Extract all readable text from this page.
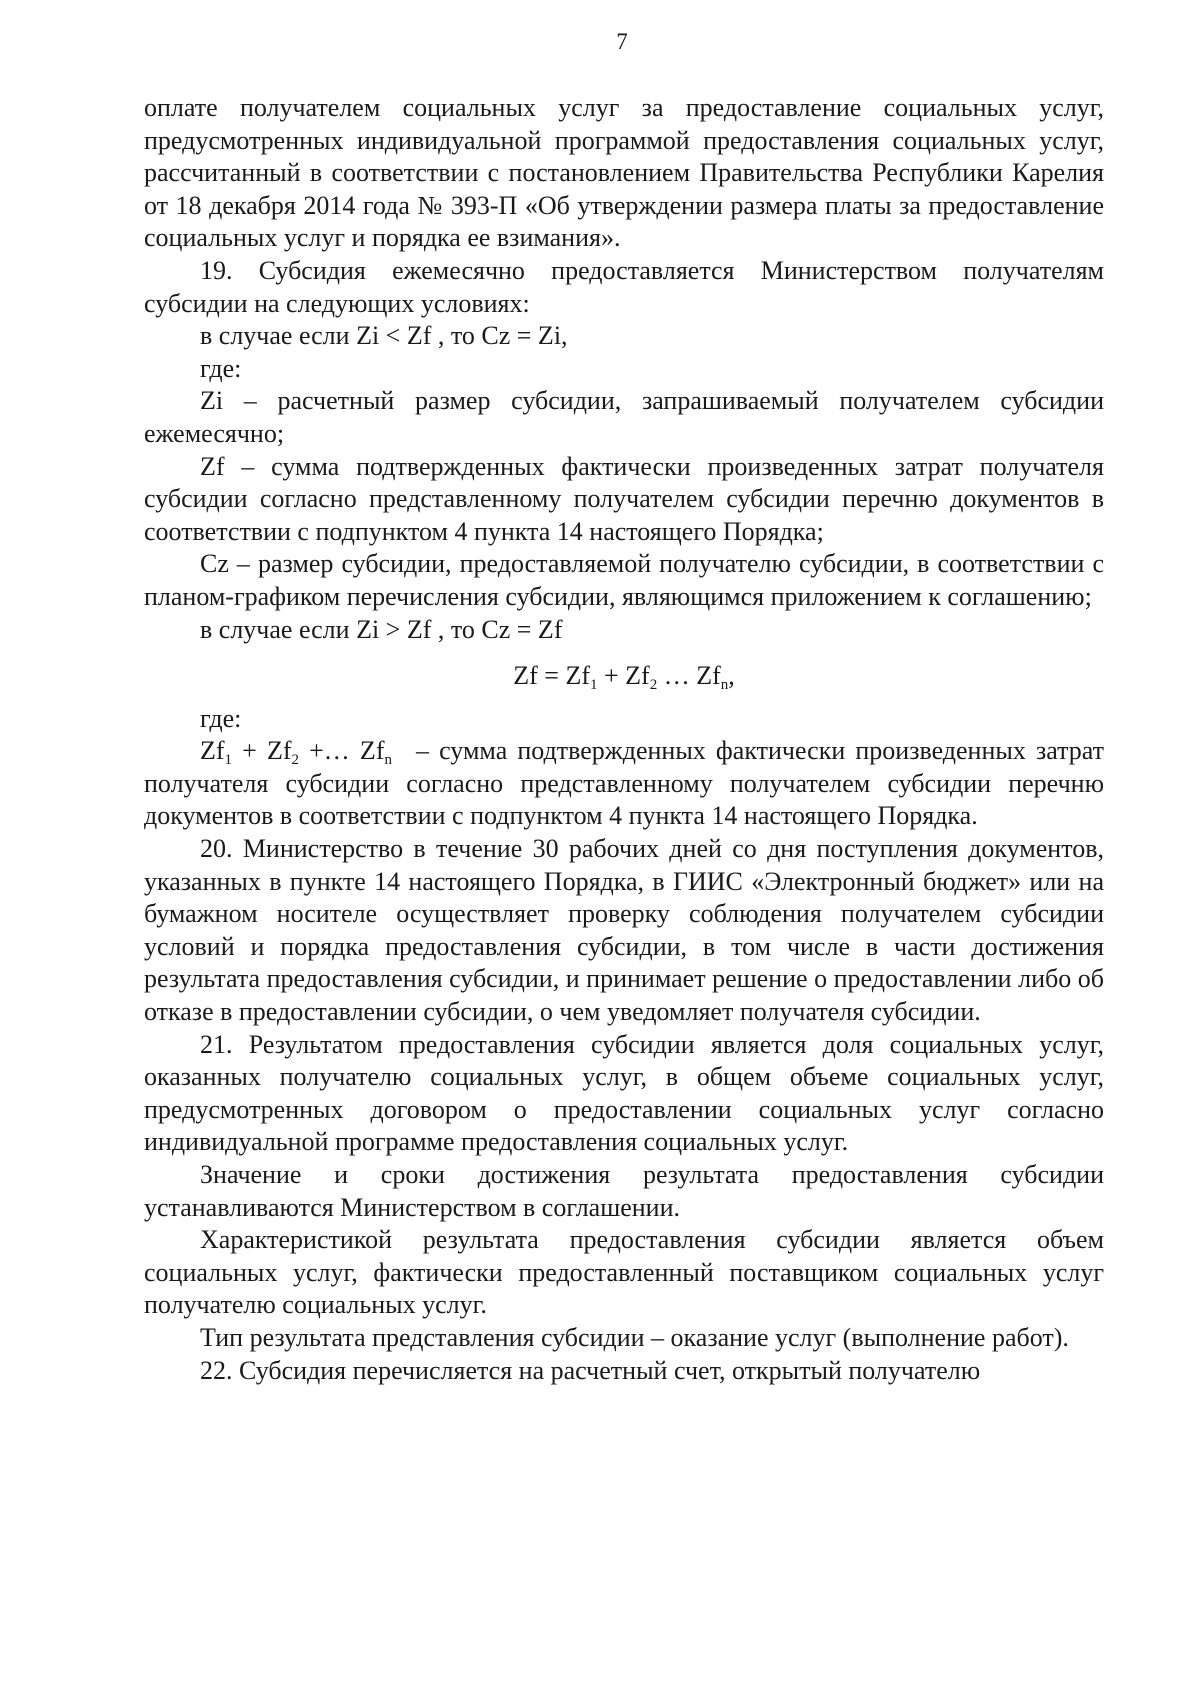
7

оплате получателем социальных услуг за предоставление социальных услуг, предусмотренных индивидуальной программой предоставления социальных услуг, рассчитанный в соответствии с постановлением Правительства Республики Карелия от 18 декабря 2014 года № 393-П «Об утверждении размера платы за предоставление социальных услуг и порядка ее взимания».

19. Субсидия ежемесячно предоставляется Министерством получателям субсидии на следующих условиях:

в случае если Zi < Zf , то Cz = Zi,

где:

Zi – расчетный размер субсидии, запрашиваемый получателем субсидии ежемесячно;

Zf – сумма подтвержденных фактически произведенных затрат получателя субсидии согласно представленному получателем субсидии перечню документов в соответствии с подпунктом 4 пункта 14 настоящего Порядка;

Cz – размер субсидии, предоставляемой получателю субсидии, в соответствии с планом-графиком перечисления субсидии, являющимся приложением к соглашению;

в случае если Zi > Zf , то Cz = Zf

$Zf = Zf_1 + Zf_2$ … $Zf_n$,

где:

$Zf_1 + Zf_2$ +… $Zf_n$ – сумма подтвержденных фактически произведенных затрат получателя субсидии согласно представленному получателем субсидии перечню документов в соответствии с подпунктом 4 пункта 14 настоящего Порядка.

20. Министерство в течение 30 рабочих дней со дня поступления документов, указанных в пункте 14 настоящего Порядка, в ГИИС «Электронный бюджет» или на бумажном носителе осуществляет проверку соблюдения получателем субсидии условий и порядка предоставления субсидии, в том числе в части достижения результата предоставления субсидии, и принимает решение о предоставлении либо об отказе в предоставлении субсидии, о чем уведомляет получателя субсидии.

21. Результатом предоставления субсидии является доля социальных услуг, оказанных получателю социальных услуг, в общем объеме социальных услуг, предусмотренных договором о предоставлении социальных услуг согласно индивидуальной программе предоставления социальных услуг.

Значение и сроки достижения результата предоставления субсидии устанавливаются Министерством в соглашении.

Характеристикой результата предоставления субсидии является объем социальных услуг, фактически предоставленный поставщиком социальных услуг получателю социальных услуг.

Тип результата представления субсидии – оказание услуг (выполнение работ).

22. Субсидия перечисляется на расчетный счет, открытый получателю
